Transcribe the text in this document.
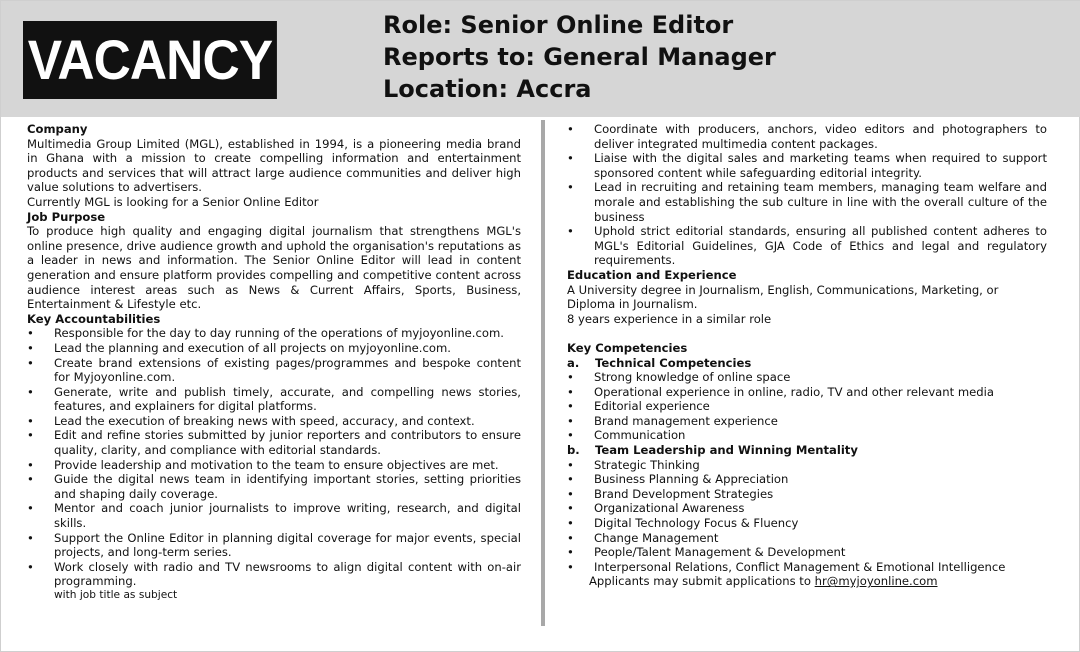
VACANCY
Role: Senior Online Editor
Reports to: General Manager
Location: Accra
Company
Multimedia Group Limited (MGL), established in 1994, is a pioneering media brand in Ghana with a mission to create compelling information and entertainment products and services that will attract large audience communities and deliver high value solutions to advertisers.
Currently MGL is looking for a Senior Online Editor
Job Purpose
To produce high quality and engaging digital journalism that strengthens MGL's online presence, drive audience growth and uphold the organisation's reputations as a leader in news and information. The Senior Online Editor will lead in content generation and ensure platform provides compelling and competitive content across audience interest areas such as News & Current Affairs, Sports, Business, Entertainment & Lifestyle etc.
Key Accountabilities
• Responsible for the day to day running of the operations of myjoyonline.com.
• Lead the planning and execution of all projects on myjoyonline.com.
• Create brand extensions of existing pages/programmes and bespoke content for Myjoyonline.com.
• Generate, write and publish timely, accurate, and compelling news stories, features, and explainers for digital platforms.
• Lead the execution of breaking news with speed, accuracy, and context.
• Edit and refine stories submitted by junior reporters and contributors to ensure quality, clarity, and compliance with editorial standards.
• Provide leadership and motivation to the team to ensure objectives are met.
• Guide the digital news team in identifying important stories, setting priorities and shaping daily coverage.
• Mentor and coach junior journalists to improve writing, research, and digital skills.
• Support the Online Editor in planning digital coverage for major events, special projects, and long-term series.
• Work closely with radio and TV newsrooms to align digital content with on-air programming.
with job title as subject
• Coordinate with producers, anchors, video editors and photographers to deliver integrated multimedia content packages.
• Liaise with the digital sales and marketing teams when required to support sponsored content while safeguarding editorial integrity.
• Lead in recruiting and retaining team members, managing team welfare and morale and establishing the sub culture in line with the overall culture of the business
• Uphold strict editorial standards, ensuring all published content adheres to MGL's Editorial Guidelines, GJA Code of Ethics and legal and regulatory requirements.
Education and Experience
A University degree in Journalism, English, Communications, Marketing, or Diploma in Journalism.
8 years experience in a similar role
Key Competencies
a. Technical Competencies
• Strong knowledge of online space
• Operational experience in online, radio, TV and other relevant media
• Editorial experience
• Brand management experience
• Communication
b. Team Leadership and Winning Mentality
• Strategic Thinking
• Business Planning & Appreciation
• Brand Development Strategies
• Organizational Awareness
• Digital Technology Focus & Fluency
• Change Management
• People/Talent Management & Development
• Interpersonal Relations, Conflict Management & Emotional Intelligence
Applicants may submit applications to hr@myjoyonline.com
